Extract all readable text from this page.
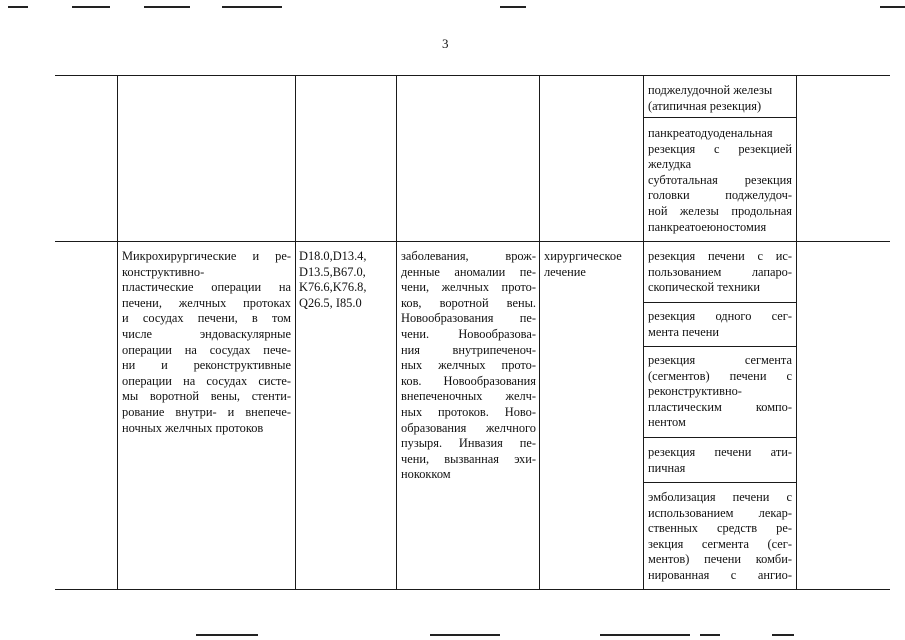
3
поджелудочной железы
(атипичная резекция)
панкреатодуоденальная
резекция с резекцией
желудка
субтотальная резекция
головки поджелудоч-
ной железы продольная
панкреатоеюностомия
Микрохирургические и ре-
конструктивно-
пластические операции на
печени, желчных протоках
и сосудах печени, в том
числе эндоваскулярные
операции на сосудах пече-
ни и реконструктивные
операции на сосудах систе-
мы воротной вены, стенти-
рование внутри- и внепече-
ночных желчных протоков
D18.0,D13.4,
D13.5,B67.0,
K76.6,K76.8,
Q26.5, I85.0
заболевания, врож-
денные аномалии пе-
чени, желчных прото-
ков, воротной вены.
Новообразования пе-
чени. Новообразова-
ния внутрипеченоч-
ных желчных прото-
ков. Новообразования
внепеченочных желч-
ных протоков. Ново-
образования желчного
пузыря. Инвазия пе-
чени, вызванная эхи-
нококком
хирургическое
лечение
резекция печени с ис-
пользованием лапаро-
скопической техники
резекция одного сег-
мента печени
резекция сегмента
(сегментов) печени с
реконструктивно-
пластическим компо-
нентом
резекция печени ати-
пичная
эмболизация печени с
использованием лекар-
ственных средств ре-
зекция сегмента (сег-
ментов) печени комби-
нированная с ангио-
